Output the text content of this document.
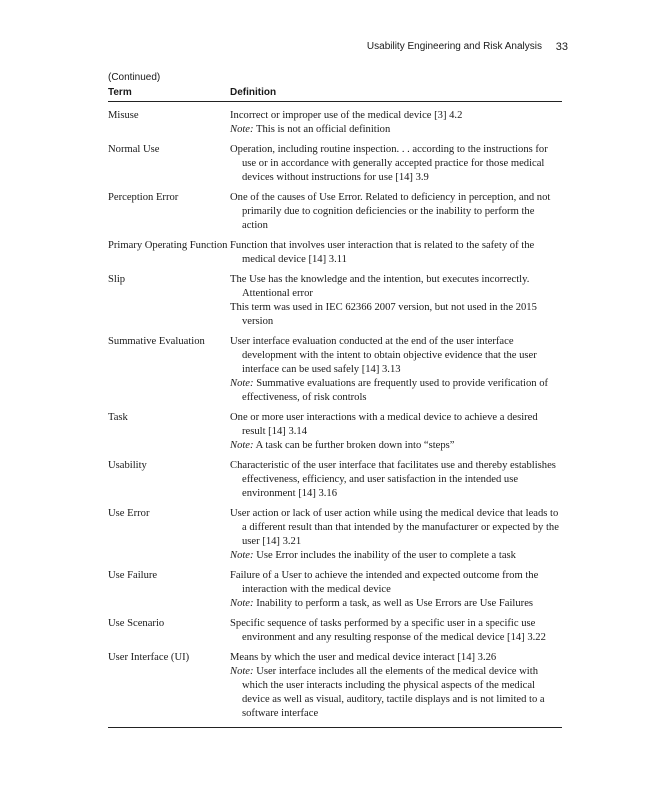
Usability Engineering and Risk Analysis 33
(Continued)
Term	Definition

Misuse	Incorrect or improper use of the medical device [3] 4.2
Note: This is not an official definition

Normal Use	Operation, including routine inspection. . . according to the instructions for use or in accordance with generally accepted practice for those medical devices without instructions for use [14] 3.9

Perception Error	One of the causes of Use Error. Related to deficiency in perception, and not primarily due to cognition deficiencies or the inability to perform the action

Primary Operating Function	Function that involves user interaction that is related to the safety of the medical device [14] 3.11

Slip	The Use has the knowledge and the intention, but executes incorrectly. Attentional error
This term was used in IEC 62366 2007 version, but not used in the 2015 version

Summative Evaluation	User interface evaluation conducted at the end of the user interface development with the intent to obtain objective evidence that the user interface can be used safely [14] 3.13
Note: Summative evaluations are frequently used to provide verification of effectiveness, of risk controls

Task	One or more user interactions with a medical device to achieve a desired result [14] 3.14
Note: A task can be further broken down into “steps”

Usability	Characteristic of the user interface that facilitates use and thereby establishes effectiveness, efficiency, and user satisfaction in the intended use environment [14] 3.16

Use Error	User action or lack of user action while using the medical device that leads to a different result than that intended by the manufacturer or expected by the user [14] 3.21
Note: Use Error includes the inability of the user to complete a task

Use Failure	Failure of a User to achieve the intended and expected outcome from the interaction with the medical device
Note: Inability to perform a task, as well as Use Errors are Use Failures

Use Scenario	Specific sequence of tasks performed by a specific user in a specific use environment and any resulting response of the medical device [14] 3.22

User Interface (UI)	Means by which the user and medical device interact [14] 3.26
Note: User interface includes all the elements of the medical device with which the user interacts including the physical aspects of the medical device as well as visual, auditory, tactile displays and is not limited to a software interface
